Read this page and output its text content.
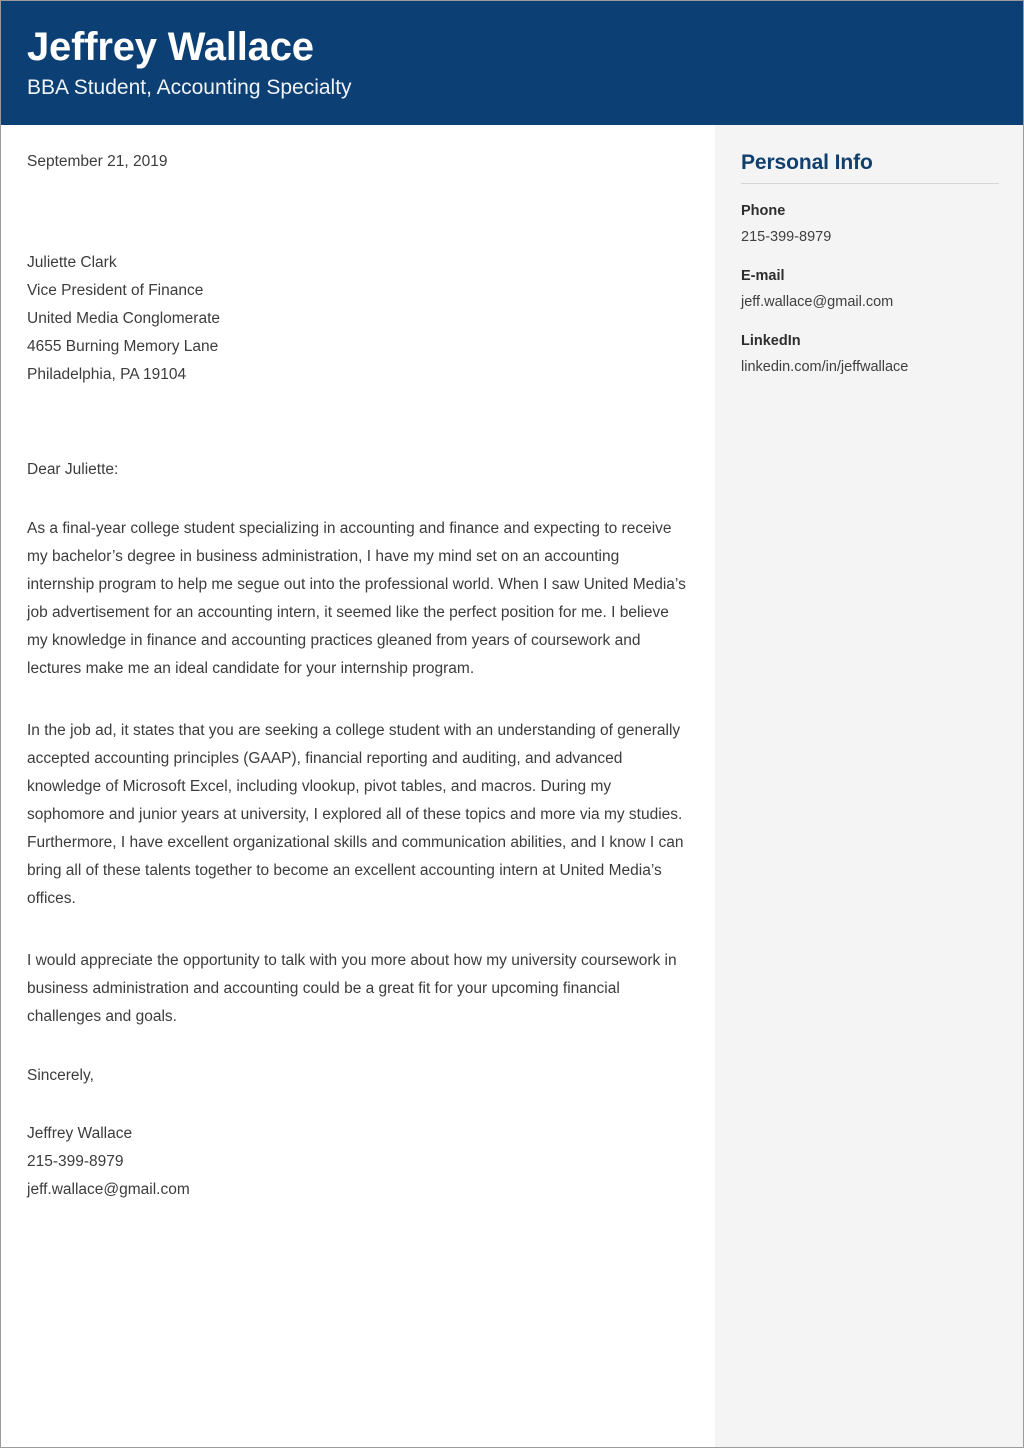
Jeffrey Wallace
BBA Student, Accounting Specialty
September 21, 2019
Juliette Clark
Vice President of Finance
United Media Conglomerate
4655 Burning Memory Lane
Philadelphia, PA 19104
Dear Juliette:
As a final-year college student specializing in accounting and finance and expecting to receive my bachelor’s degree in business administration, I have my mind set on an accounting internship program to help me segue out into the professional world. When I saw United Media’s job advertisement for an accounting intern, it seemed like the perfect position for me. I believe my knowledge in finance and accounting practices gleaned from years of coursework and lectures make me an ideal candidate for your internship program.
In the job ad, it states that you are seeking a college student with an understanding of generally accepted accounting principles (GAAP), financial reporting and auditing, and advanced knowledge of Microsoft Excel, including vlookup, pivot tables, and macros. During my sophomore and junior years at university, I explored all of these topics and more via my studies. Furthermore, I have excellent organizational skills and communication abilities, and I know I can bring all of these talents together to become an excellent accounting intern at United Media’s offices.
I would appreciate the opportunity to talk with you more about how my university coursework in business administration and accounting could be a great fit for your upcoming financial challenges and goals.
Sincerely,
Jeffrey Wallace
215-399-8979
jeff.wallace@gmail.com
Personal Info
Phone
215-399-8979
E-mail
jeff.wallace@gmail.com
LinkedIn
linkedin.com/in/jeffwallace
